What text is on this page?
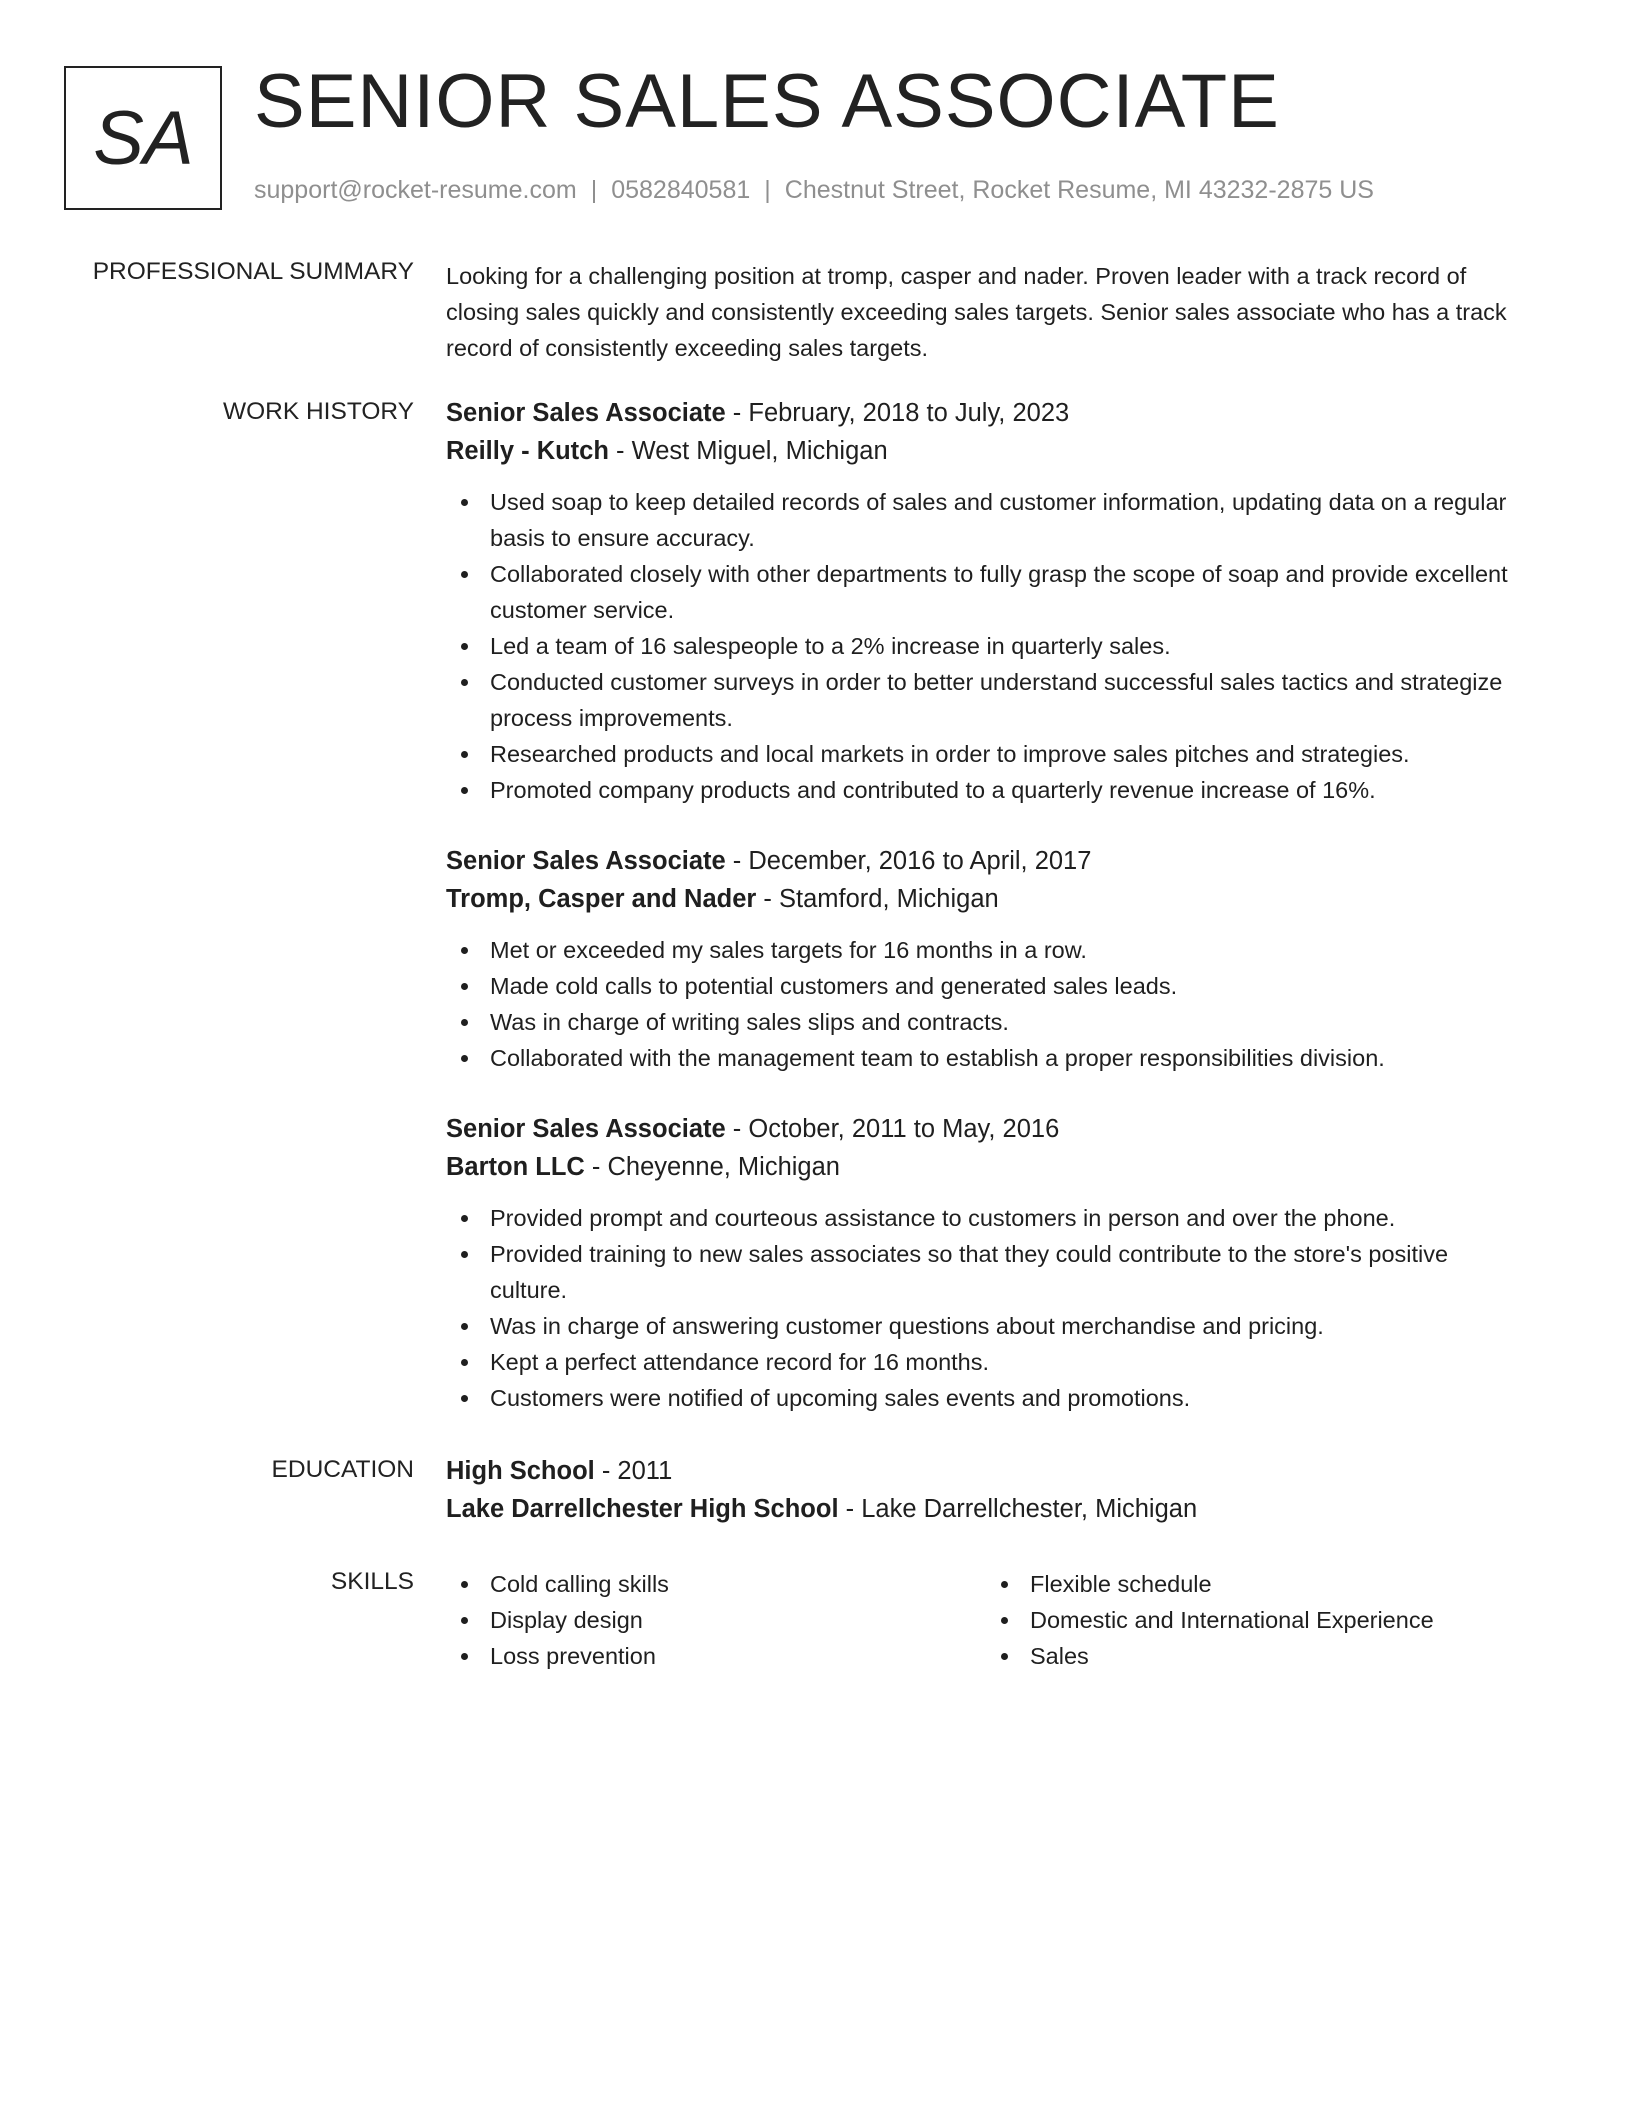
SA SENIOR SALES ASSOCIATE
support@rocket-resume.com | 0582840581 | Chestnut Street, Rocket Resume, MI 43232-2875 US
PROFESSIONAL SUMMARY Looking for a challenging position at tromp, casper and nader. Proven leader with a track record of closing sales quickly and consistently exceeding sales targets. Senior sales associate who has a track record of consistently exceeding sales targets.
WORK HISTORY Senior Sales Associate - February, 2018 to July, 2023
Reilly - Kutch - West Miguel, Michigan
Used soap to keep detailed records of sales and customer information, updating data on a regular basis to ensure accuracy.
Collaborated closely with other departments to fully grasp the scope of soap and provide excellent customer service.
Led a team of 16 salespeople to a 2% increase in quarterly sales.
Conducted customer surveys in order to better understand successful sales tactics and strategize process improvements.
Researched products and local markets in order to improve sales pitches and strategies.
Promoted company products and contributed to a quarterly revenue increase of 16%.
Senior Sales Associate - December, 2016 to April, 2017
Tromp, Casper and Nader - Stamford, Michigan
Met or exceeded my sales targets for 16 months in a row.
Made cold calls to potential customers and generated sales leads.
Was in charge of writing sales slips and contracts.
Collaborated with the management team to establish a proper responsibilities division.
Senior Sales Associate - October, 2011 to May, 2016
Barton LLC - Cheyenne, Michigan
Provided prompt and courteous assistance to customers in person and over the phone.
Provided training to new sales associates so that they could contribute to the store's positive culture.
Was in charge of answering customer questions about merchandise and pricing.
Kept a perfect attendance record for 16 months.
Customers were notified of upcoming sales events and promotions.
EDUCATION High School - 2011
Lake Darrellchester High School - Lake Darrellchester, Michigan
SKILLS	Cold calling skills
Display design
Loss prevention
Flexible schedule
Domestic and International Experience
Sales
